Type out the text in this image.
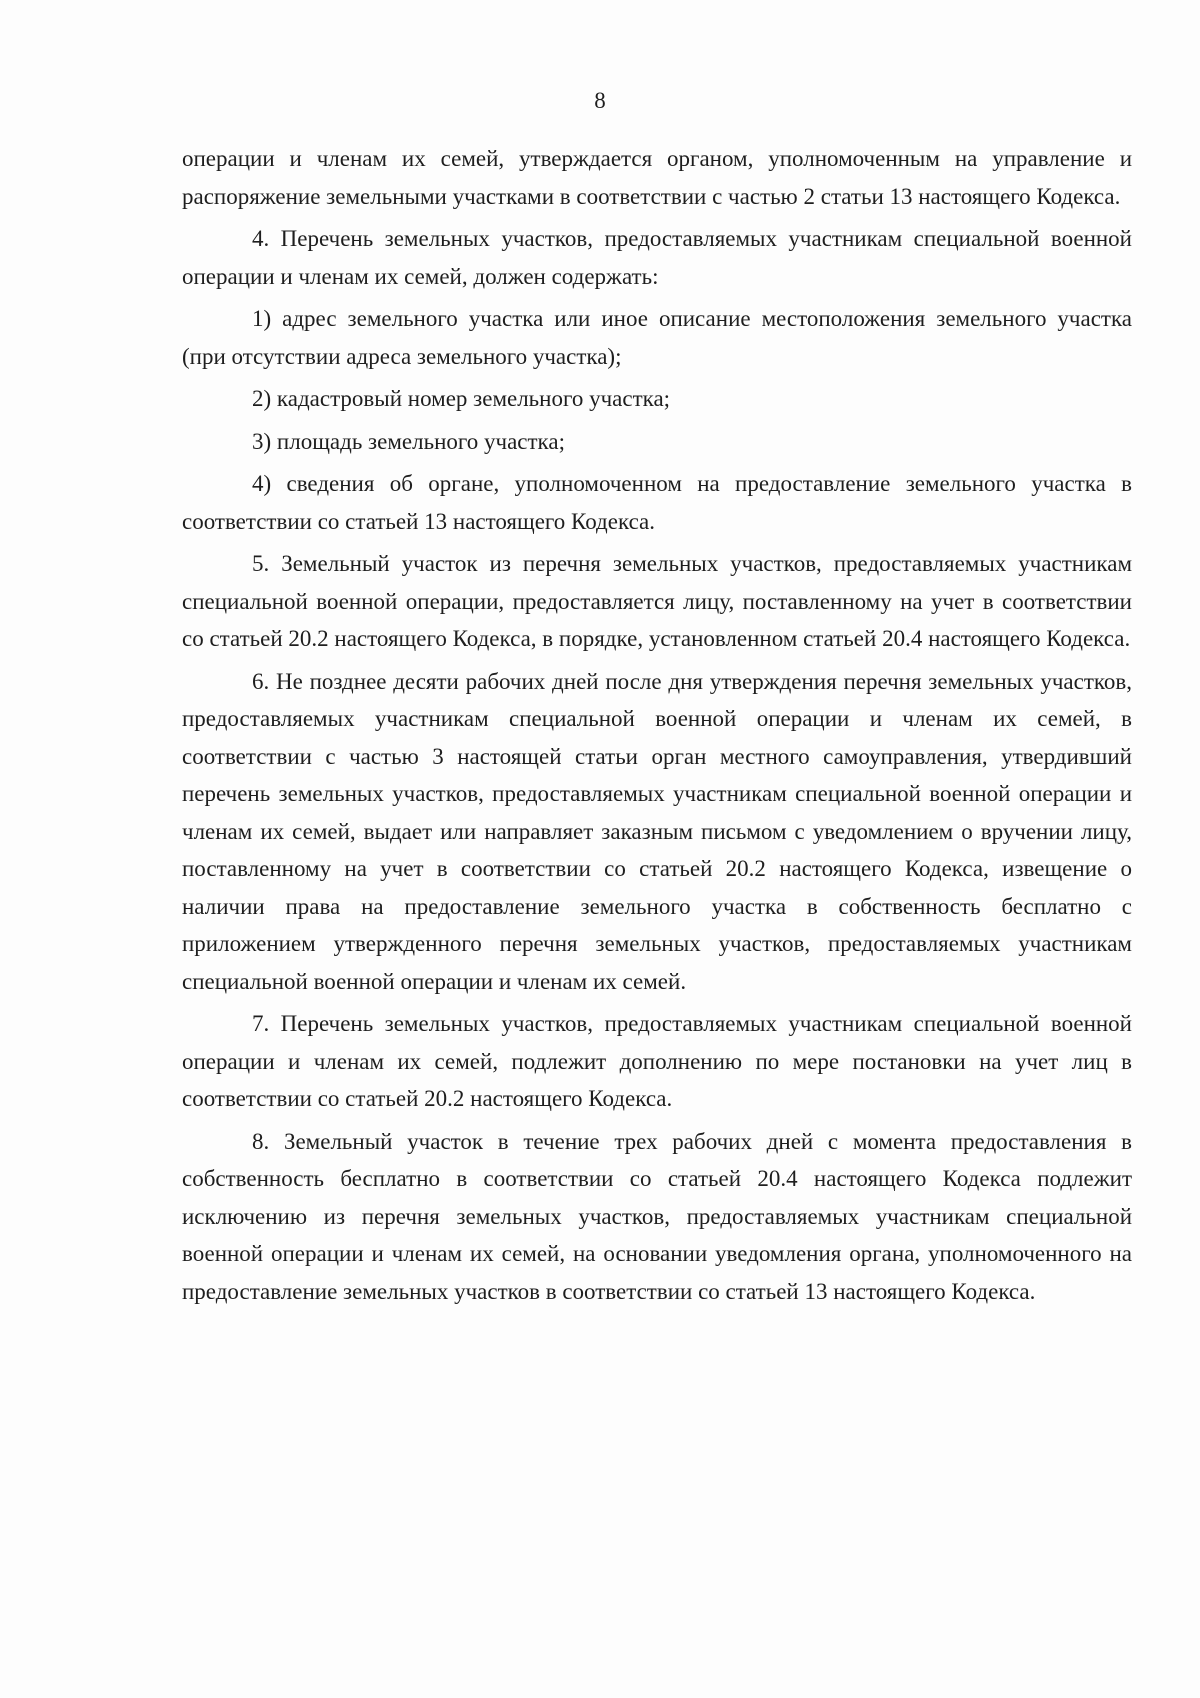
8

операции и членам их семей, утверждается органом, уполномоченным на управление и распоряжение земельными участками в соответствии с частью 2 статьи 13 настоящего Кодекса.

4. Перечень земельных участков, предоставляемых участникам специальной военной операции и членам их семей, должен содержать:

1) адрес земельного участка или иное описание местоположения земельного участка (при отсутствии адреса земельного участка);

2) кадастровый номер земельного участка;

3) площадь земельного участка;

4) сведения об органе, уполномоченном на предоставление земельного участка в соответствии со статьей 13 настоящего Кодекса.

5. Земельный участок из перечня земельных участков, предоставляемых участникам специальной военной операции, предоставляется лицу, поставленному на учет в соответствии со статьей 20.2 настоящего Кодекса, в порядке, установленном статьей 20.4 настоящего Кодекса.

6. Не позднее десяти рабочих дней после дня утверждения перечня земельных участков, предоставляемых участникам специальной военной операции и членам их семей, в соответствии с частью 3 настоящей статьи орган местного самоуправления, утвердивший перечень земельных участков, предоставляемых участникам специальной военной операции и членам их семей, выдает или направляет заказным письмом с уведомлением о вручении лицу, поставленному на учет в соответствии со статьей 20.2 настоящего Кодекса, извещение о наличии права на предоставление земельного участка в собственность бесплатно с приложением утвержденного перечня земельных участков, предоставляемых участникам специальной военной операции и членам их семей.

7. Перечень земельных участков, предоставляемых участникам специальной военной операции и членам их семей, подлежит дополнению по мере постановки на учет лиц в соответствии со статьей 20.2 настоящего Кодекса.

8. Земельный участок в течение трех рабочих дней с момента предоставления в собственность бесплатно в соответствии со статьей 20.4 настоящего Кодекса подлежит исключению из перечня земельных участков, предоставляемых участникам специальной военной операции и членам их семей, на основании уведомления органа, уполномоченного на предоставление земельных участков в соответствии со статьей 13 настоящего Кодекса.
